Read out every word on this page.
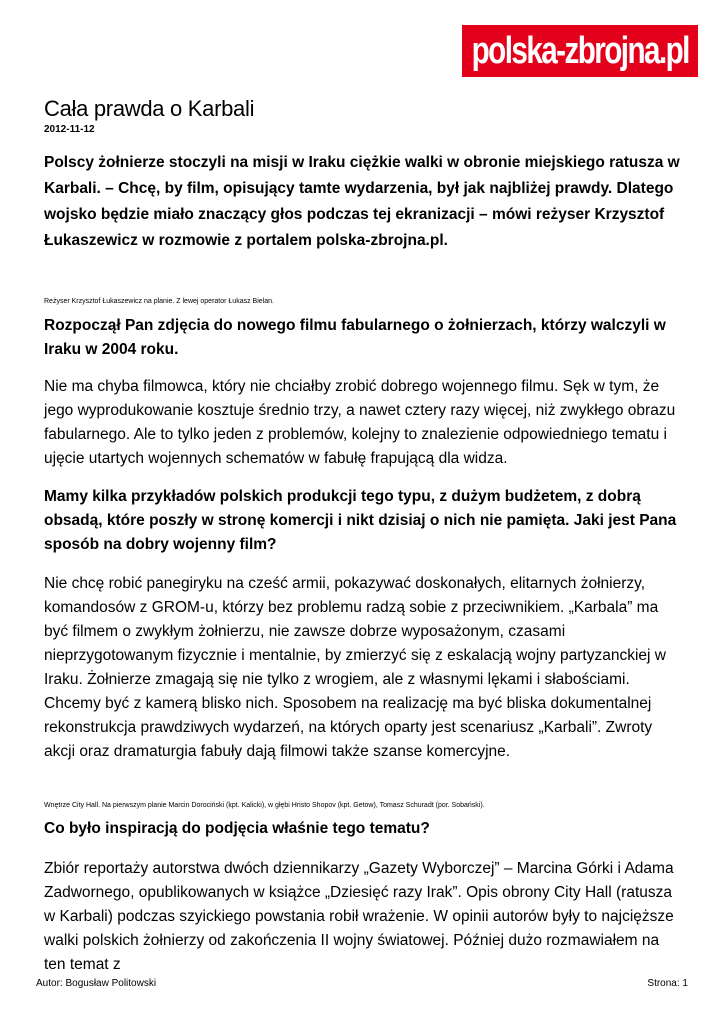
polska-zbrojna.pl
Cała prawda o Karbali
2012-11-12

Polscy żołnierze stoczyli na misji w Iraku ciężkie walki w obronie miejskiego ratusza w Karbali. – Chcę, by film, opisujący tamte wydarzenia, był jak najbliżej prawdy. Dlatego wojsko będzie miało znaczący głos podczas tej ekranizacji – mówi reżyser Krzysztof Łukaszewicz w rozmowie z portalem polska-zbrojna.pl.

Reżyser Krzysztof Łukaszewicz na planie. Z lewej operator Łukasz Bielan.

Rozpoczął Pan zdjęcia do nowego filmu fabularnego o żołnierzach, którzy walczyli w Iraku w 2004 roku.

Nie ma chyba filmowca, który nie chciałby zrobić dobrego wojennego filmu. Sęk w tym, że jego wyprodukowanie kosztuje średnio trzy, a nawet cztery razy więcej, niż zwykłego obrazu fabularnego. Ale to tylko jeden z problemów, kolejny to znalezienie odpowiedniego tematu i ujęcie utartych wojennych schematów w fabułę frapującą dla widza.

Mamy kilka przykładów polskich produkcji tego typu, z dużym budżetem, z dobrą obsadą, które poszły w stronę komercji i nikt dzisiaj o nich nie pamięta. Jaki jest Pana sposób na dobry wojenny film?

Nie chcę robić panegiryku na cześć armii, pokazywać doskonałych, elitarnych żołnierzy, komandosów z GROM-u, którzy bez problemu radzą sobie z przeciwnikiem. „Karbala” ma być filmem o zwykłym żołnierzu, nie zawsze dobrze wyposażonym, czasami nieprzygotowanym fizycznie i mentalnie, by zmierzyć się z eskalacją wojny partyzanckiej w Iraku. Żołnierze zmagają się nie tylko z wrogiem, ale z własnymi lękami i słabościami. Chcemy być z kamerą blisko nich. Sposobem na realizację ma być bliska dokumentalnej rekonstrukcja prawdziwych wydarzeń, na których oparty jest scenariusz „Karbali”. Zwroty akcji oraz dramaturgia fabuły dają filmowi także szanse komercyjne.

Wnętrze City Hall. Na pierwszym planie Marcin Dorociński (kpt. Kalicki), w głębi Hristo Shopov (kpt. Getow), Tomasz Schuradt (por. Sobański).

Co było inspiracją do podjęcia właśnie tego tematu?

Zbiór reportaży autorstwa dwóch dziennikarzy „Gazety Wyborczej” – Marcina Górki i Adama Zadwornego, opublikowanych w książce „Dziesięć razy Irak”. Opis obrony City Hall (ratusza w Karbali) podczas szyickiego powstania robił wrażenie. W opinii autorów były to najcięższe walki polskich żołnierzy od zakończenia II wojny światowej. Później dużo rozmawiałem na ten temat z

Autor: Bogusław Politowski	Strona: 1
